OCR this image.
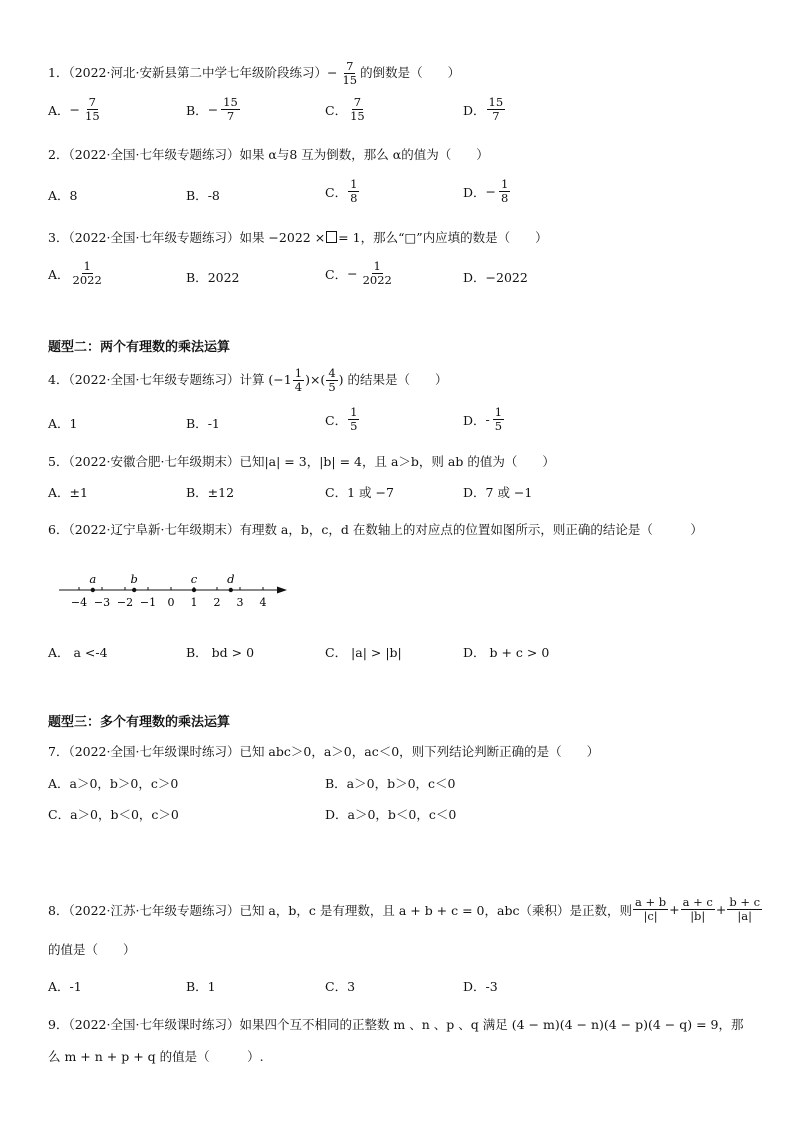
1．（2022·河北·安新县第二中学七年级阶段练习）− $\frac{7}{15}$ 的倒数是（　　）
A． − $\frac{7}{15}$	B． − $\frac{15}{7}$	C． $\frac{7}{15}$	D． $\frac{15}{7}$
2．（2022·全国·七年级专题练习）如果 α与8 互为倒数，那么 α的值为（　　）
A． 8	B． -8	C． $\frac{1}{8}$	D． − $\frac{1}{8}$
3．（2022·全国·七年级专题练习）如果 −2022 × = 1，那么“□”内应填的数是（　　）
A． $\frac{1}{2022}$	B． 2022	C． − $\frac{1}{2022}$	D． −2022
题型二：两个有理数的乘法运算
4．（2022·全国·七年级专题练习）计算 ($-1 \frac{1}{4}$ )×( $\frac{4}{5}$ ) 的结果是（　　）
A． 1	B． -1	C． $\frac{1}{5}$	D． - $\frac{1}{5}$
5．（2022·安徽合肥·七年级期末）已知|a| = 3，|b| = 4，且 a＞b，则 ab 的值为（　　）
A．±1	B．±12	C．1 或 −7	D．7 或 −1
6．（2022·辽宁阜新·七年级期末）有理数 a，b，c，d 在数轴上的对应点的位置如图所示，则正确的结论是（　　　）
−4 −3 −2 −1 0 1 2 3 4
a	b	c	d
A． a <-4	B． bd > 0	C． |a| > |b|	D． b + c > 0
题型三：多个有理数的乘法运算
7．（2022·全国·七年级课时练习）已知 abc＞0，a＞0，ac＜0，则下列结论判断正确的是（　　）
A．a＞0，b＞0，c＞0	B．a＞0，b＞0，c＜0
C．a＞0，b＜0，c＞0	D．a＞0，b＜0，c＜0
8．（2022·江苏·七年级专题练习）已知 a，b，c 是有理数，且 a + b + c = 0，abc（乘积）是正数，则 $\frac{a + b}{|c|} + \frac{a + c}{|b|} + \frac{b + c}{|a|}$
的值是（　　）
A．-1	B．1	C．3	D．-3
9．（2022·全国·七年级课时练习）如果四个互不相同的正整数 m 、n 、p 、q 满足 (4 − m)(4 − n)(4 − p)(4 − q) = 9，那
么 m + n + p + q 的值是（　　　）.
